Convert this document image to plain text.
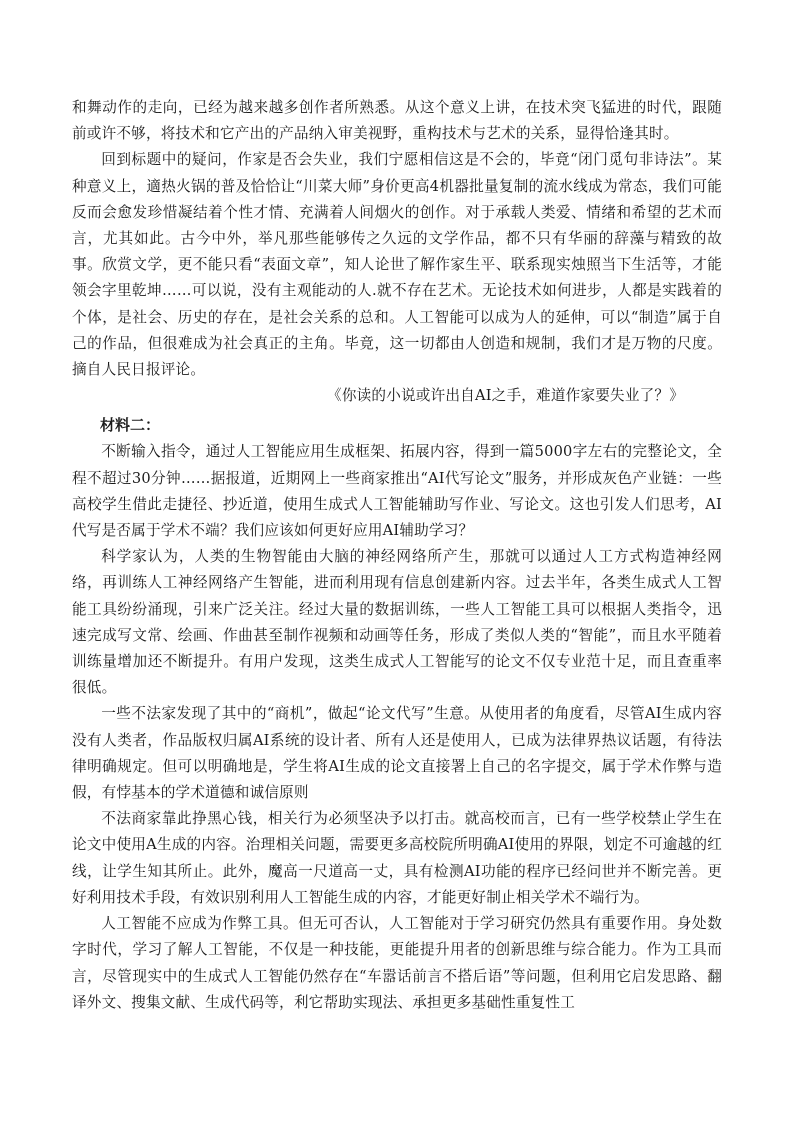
和舞动作的走向，已经为越来越多创作者所熟悉。从这个意义上讲，在技术突飞猛进的时代，跟随前或许不够，将技术和它产出的产品纳入审美视野，重构技术与艺术的关系，显得恰逢其时。

回到标题中的疑问，作家是否会失业，我们宁愿相信这是不会的，毕竟“闭门觅句非诗法”。某种意义上，適热火锅的普及恰恰让“川菜大师”身价更高4机器批量复制的流水线成为常态，我们可能反而会愈发珍惜凝结着个性才情、充满着人间烟火的创作。对于承载人类爱、情绪和希望的艺术而言，尤其如此。古今中外，举凡那些能够传之久远的文学作品，都不只有华丽的辞藻与精致的故事。欣赏文学，更不能只看“表面文章”，知人论世了解作家生平、联系现实烛照当下生活等，才能领会字里乾坤……可以说，没有主观能动的人.就不存在艺术。无论技术如何进步，人都是实践着的个体，是社会、历史的存在，是社会关系的总和。人工智能可以成为人的延伸，可以“制造”属于自己的作品，但很难成为社会真正的主角。毕竟，这一切都由人创造和规制，我们才是万物的尺度。摘自人民日报评论。

《你读的小说或许出自AI之手，难道作家要失业了？》

材料二：

不断输入指令，通过人工智能应用生成框架、拓展内容，得到一篇5000字左右的完整论文，全程不超过30分钟……据报道，近期网上一些商家推出“AI代写论文”服务，并形成灰色产业链：一些高校学生借此走捷径、抄近道，使用生成式人工智能辅助写作业、写论文。这也引发人们思考，AI代写是否属于学术不端？我们应该如何更好应用AI辅助学习？

科学家认为，人类的生物智能由大脑的神经网络所产生，那就可以通过人工方式构造神经网络，再训练人工神经网络产生智能，进而利用现有信息创建新内容。过去半年，各类生成式人工智能工具纷纷涌现，引来广泛关注。经过大量的数据训练，一些人工智能工具可以根据人类指令，迅速完成写文常、绘画、作曲甚至制作视频和动画等任务，形成了类似人类的“智能”，而且水平随着训练量增加还不断提升。有用户发现，这类生成式人工智能写的论文不仅专业范十足，而且查重率很低。

一些不法家发现了其中的“商机”，做起“论文代写”生意。从使用者的角度看，尽管AI生成内容没有人类者，作品版权归属AI系统的设计者、所有人还是使用人，已成为法律界热议话题，有待法律明确规定。但可以明确地是，学生将AI生成的论文直接署上自己的名字提交，属于学术作弊与造假，有悖基本的学术道德和诚信原则

不法商家靠此挣黑心钱，相关行为必须坚决予以打击。就高校而言，已有一些学校禁止学生在论文中使用A生成的内容。治理相关问题，需要更多高校院所明确AI使用的界限，划定不可逾越的红线，让学生知其所止。此外，魔高一尺道高一丈，具有检测AI功能的程序已经问世并不断完善。更好利用技术手段，有效识别利用人工智能生成的内容，才能更好制止相关学术不端行为。

人工智能不应成为作弊工具。但无可否认，人工智能对于学习研究仍然具有重要作用。身处数字时代，学习了解人工智能，不仅是一种技能，更能提升用者的创新思维与综合能力。作为工具而言，尽管现实中的生成式人工智能仍然存在“车嚣话前言不搭后语”等问题，但利用它启发思路、翻译外文、搜集文献、生成代码等，利它帮助实现法、承担更多基础性重复性工
